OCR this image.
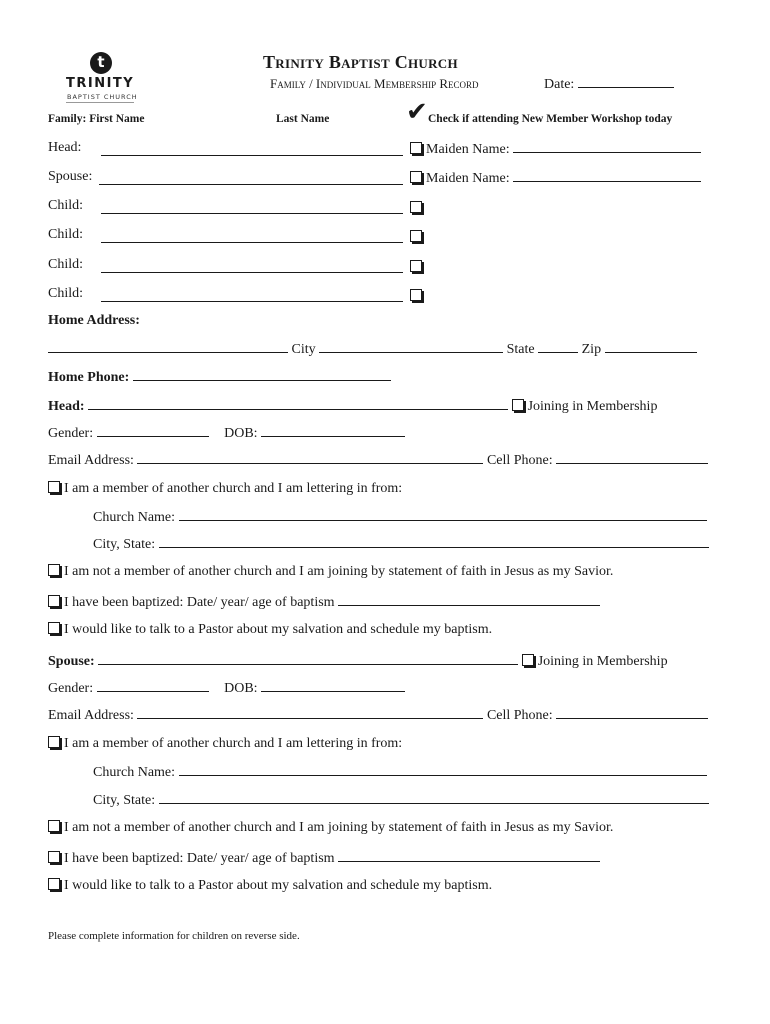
t
TRINITY
BAPTIST CHURCH
Trinity Baptist Church
Family / Individual Membership Record	Date:
Family: First Name	Last Name	✔ Check if attending New Member Workshop today
Head:	Maiden Name:
Spouse:	Maiden Name:
Child:
Child:
Child:
Child:
Home Address:
City	State	Zip
Home Phone:
Head:	Joining in Membership
Gender:	DOB:
Email Address:	Cell Phone:
I am a member of another church and I am lettering in from:
Church Name:
City, State:
I am not a member of another church and I am joining by statement of faith in Jesus as my Savior.
I have been baptized: Date/ year/ age of baptism
I would like to talk to a Pastor about my salvation and schedule my baptism.
Spouse:	Joining in Membership
Gender:	DOB:
Email Address:	Cell Phone:
I am a member of another church and I am lettering in from:
Church Name:
City, State:
I am not a member of another church and I am joining by statement of faith in Jesus as my Savior.
I have been baptized: Date/ year/ age of baptism
I would like to talk to a Pastor about my salvation and schedule my baptism.
Please complete information for children on reverse side.
